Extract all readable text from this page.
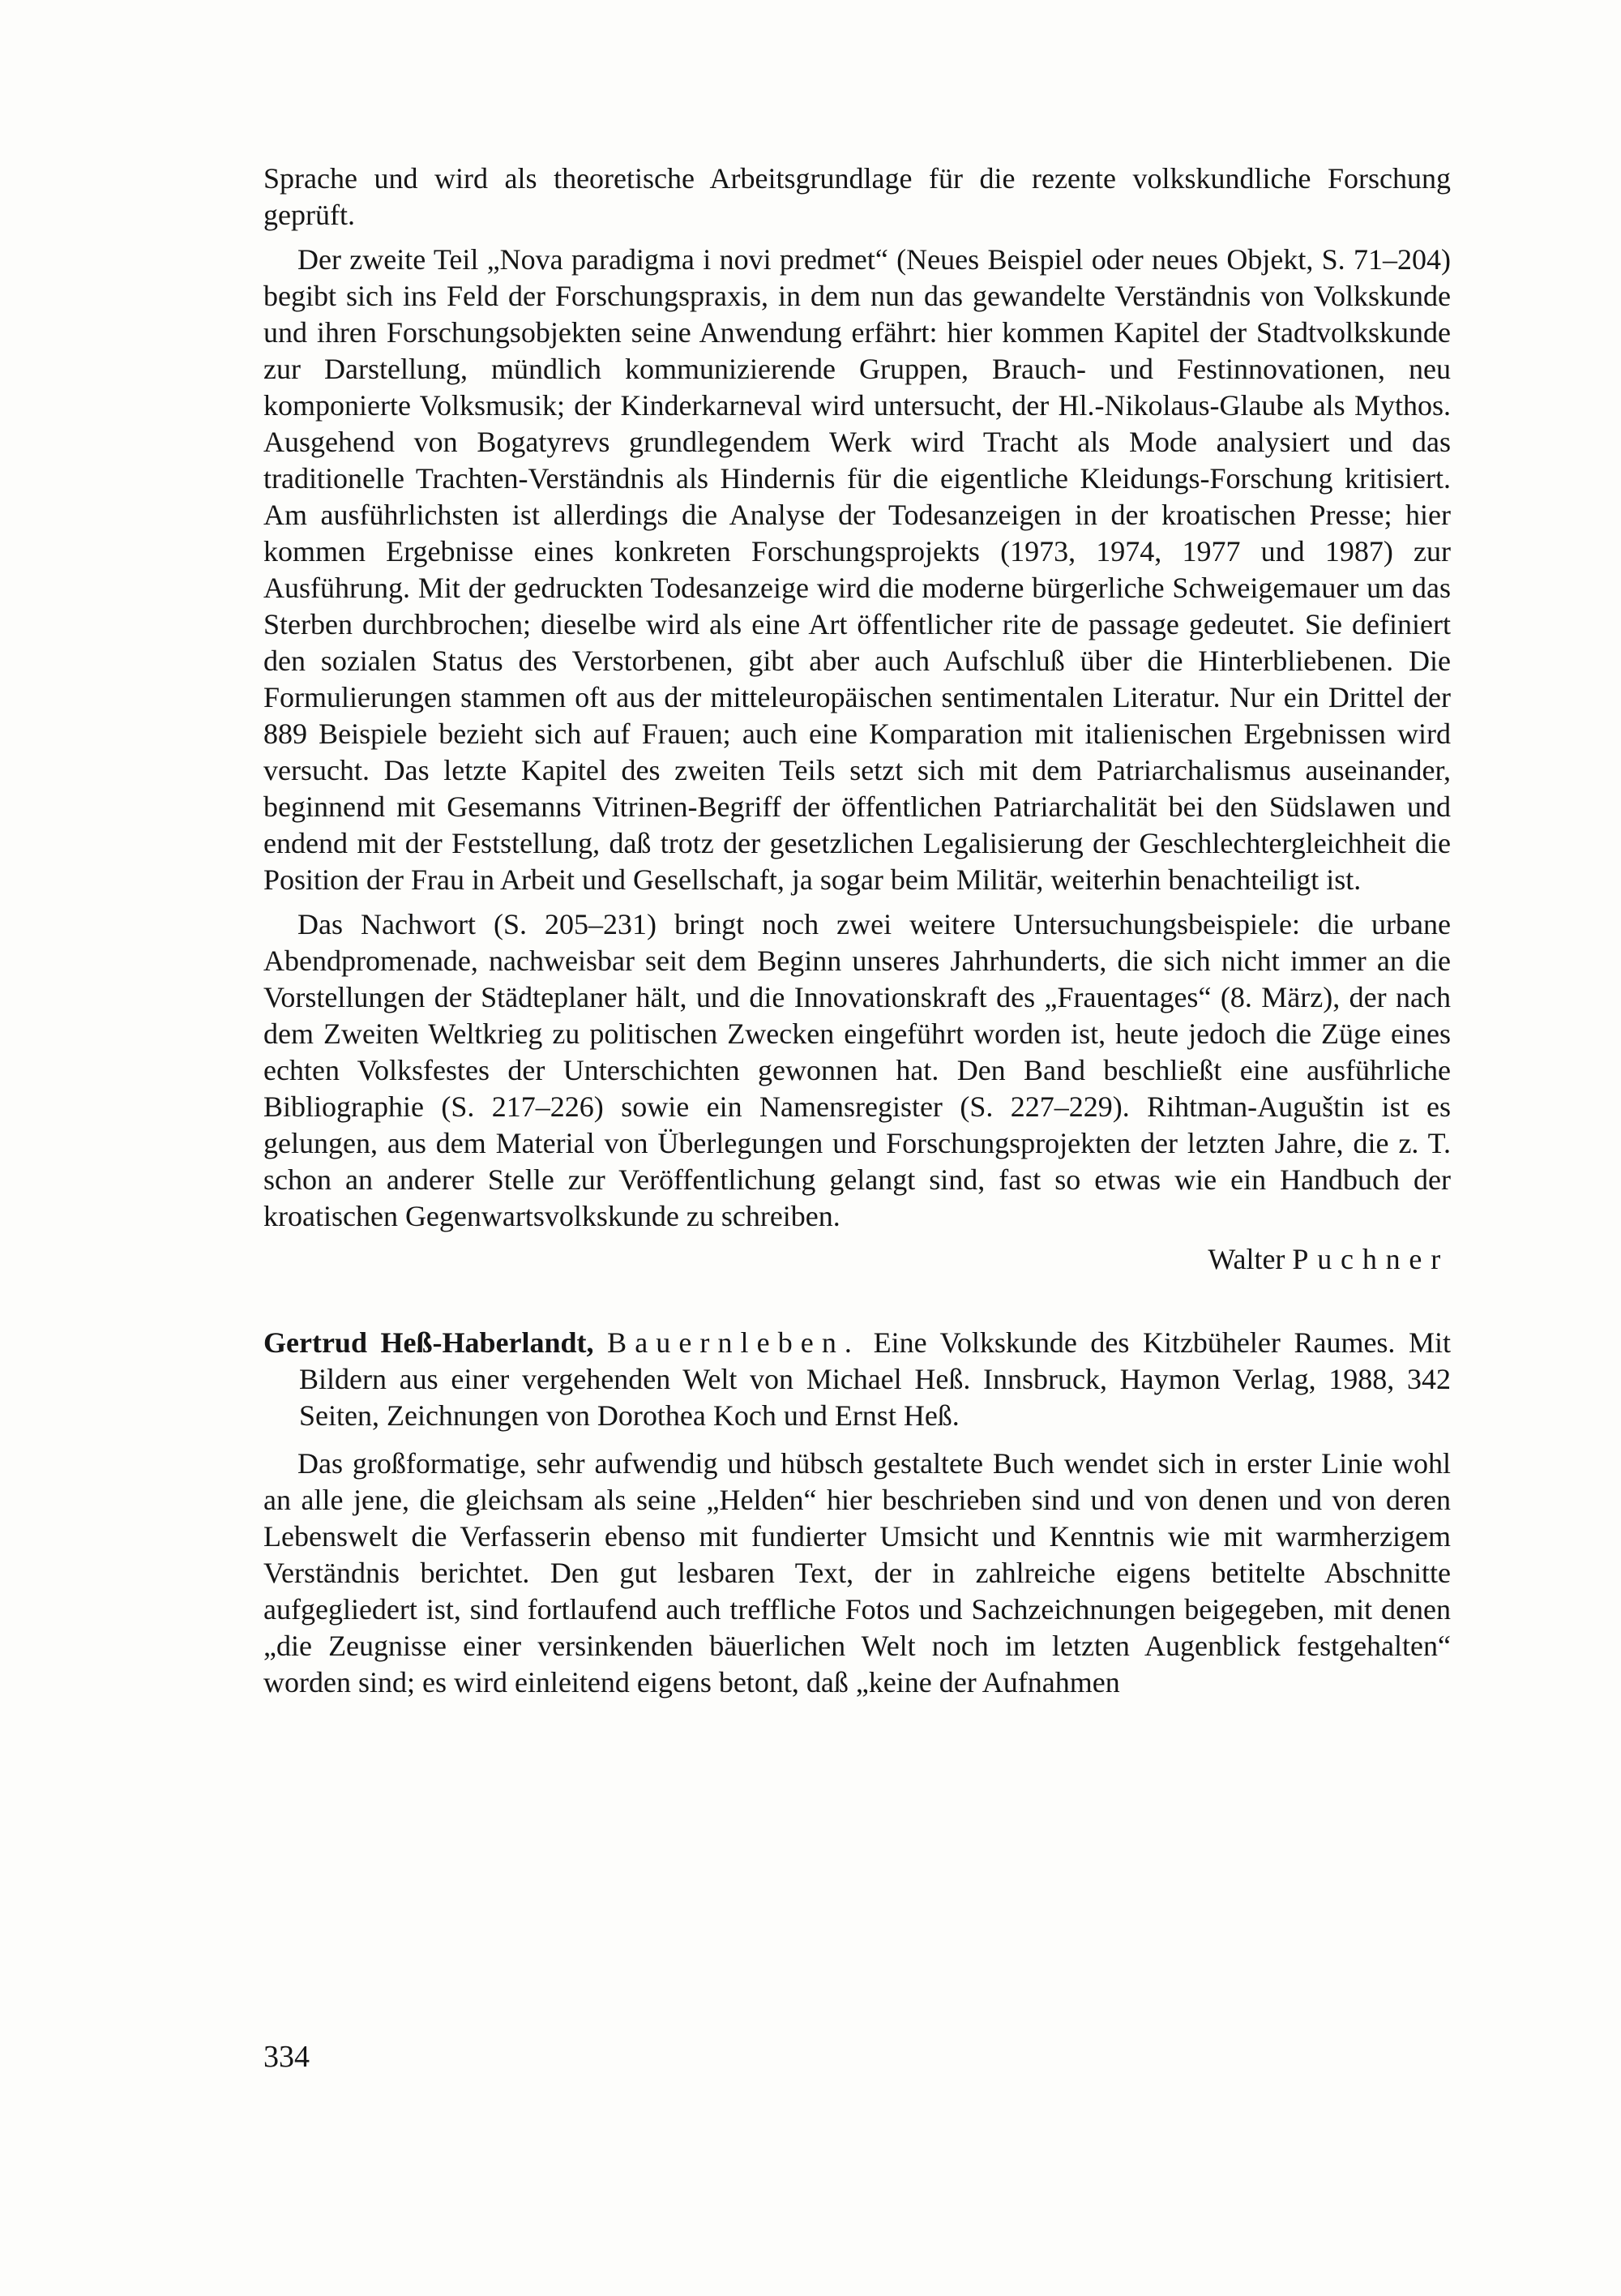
Sprache und wird als theoretische Arbeitsgrundlage für die rezente volkskundliche Forschung geprüft.

Der zweite Teil „Nova paradigma i novi predmet“ (Neues Beispiel oder neues Objekt, S. 71–204) begibt sich ins Feld der Forschungspraxis, in dem nun das gewandelte Verständnis von Volkskunde und ihren Forschungsobjekten seine Anwendung erfährt: hier kommen Kapitel der Stadtvolkskunde zur Darstellung, mündlich kommunizierende Gruppen, Brauch- und Festinnovationen, neu komponierte Volksmusik; der Kinderkarneval wird untersucht, der Hl.-Nikolaus-Glaube als Mythos. Ausgehend von Bogatyrevs grundlegendem Werk wird Tracht als Mode analysiert und das traditionelle Trachten-Verständnis als Hindernis für die eigentliche Kleidungs-Forschung kritisiert. Am ausführlichsten ist allerdings die Analyse der Todesanzeigen in der kroatischen Presse; hier kommen Ergebnisse eines konkreten Forschungsprojekts (1973, 1974, 1977 und 1987) zur Ausführung. Mit der gedruckten Todesanzeige wird die moderne bürgerliche Schweigemauer um das Sterben durchbrochen; dieselbe wird als eine Art öffentlicher rite de passage gedeutet. Sie definiert den sozialen Status des Verstorbenen, gibt aber auch Aufschluß über die Hinterbliebenen. Die Formulierungen stammen oft aus der mitteleuropäischen sentimentalen Literatur. Nur ein Drittel der 889 Beispiele bezieht sich auf Frauen; auch eine Komparation mit italienischen Ergebnissen wird versucht. Das letzte Kapitel des zweiten Teils setzt sich mit dem Patriarchalismus auseinander, beginnend mit Gesemanns Vitrinen-Begriff der öffentlichen Patriarchalität bei den Südslawen und endend mit der Feststellung, daß trotz der gesetzlichen Legalisierung der Geschlechtergleichheit die Position der Frau in Arbeit und Gesellschaft, ja sogar beim Militär, weiterhin benachteiligt ist.

Das Nachwort (S. 205–231) bringt noch zwei weitere Untersuchungsbeispiele: die urbane Abendpromenade, nachweisbar seit dem Beginn unseres Jahrhunderts, die sich nicht immer an die Vorstellungen der Städteplaner hält, und die Innovationskraft des „Frauentages“ (8. März), der nach dem Zweiten Weltkrieg zu politischen Zwecken eingeführt worden ist, heute jedoch die Züge eines echten Volksfestes der Unterschichten gewonnen hat. Den Band beschließt eine ausführliche Bibliographie (S. 217–226) sowie ein Namensregister (S. 227–229). Rihtman-Auguštin ist es gelungen, aus dem Material von Überlegungen und Forschungsprojekten der letzten Jahre, die z. T. schon an anderer Stelle zur Veröffentlichung gelangt sind, fast so etwas wie ein Handbuch der kroatischen Gegenwartsvolkskunde zu schreiben.

Walter Puchner

Gertrud Heß-Haberlandt, Bauernleben. Eine Volkskunde des Kitzbüheler Raumes. Mit Bildern aus einer vergehenden Welt von Michael Heß. Innsbruck, Haymon Verlag, 1988, 342 Seiten, Zeichnungen von Dorothea Koch und Ernst Heß.

Das großformatige, sehr aufwendig und hübsch gestaltete Buch wendet sich in erster Linie wohl an alle jene, die gleichsam als seine „Helden“ hier beschrieben sind und von denen und von deren Lebenswelt die Verfasserin ebenso mit fundierter Umsicht und Kenntnis wie mit warmherzigem Verständnis berichtet. Den gut lesbaren Text, der in zahlreiche eigens betitelte Abschnitte aufgegliedert ist, sind fortlaufend auch treffliche Fotos und Sachzeichnungen beigegeben, mit denen „die Zeugnisse einer versinkenden bäuerlichen Welt noch im letzten Augenblick festgehalten“ worden sind; es wird einleitend eigens betont, daß „keine der Aufnahmen

334
